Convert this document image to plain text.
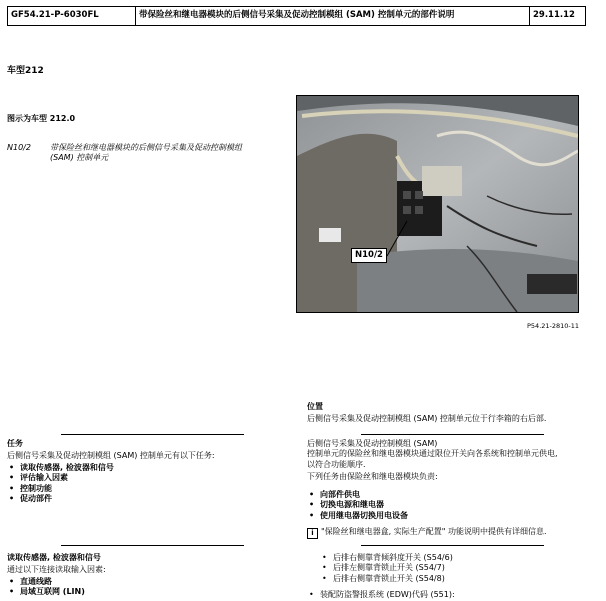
GF54.21-P-6030FL	带保险丝和继电器模块的后侧信号采集及促动控制模组 (SAM) 控制单元的部件说明	29.11.12
车型212
图示为车型 212.0
N10/2	带保险丝和继电器模块的后侧信号采集及促动控制模组
(SAM) 控制单元
N10/2
P54.21-2810-11
位置
后侧信号采集及促动控制模组 (SAM) 控制单元位于行李箱的右后部.
任务
后侧信号采集及促动控制模组 (SAM) 控制单元有以下任务:
• 读取传感器, 检波器和信号
• 评估输入因素
• 控制功能
• 促动部件
后侧信号采集及促动控制模组 (SAM)
控制单元的保险丝和继电器模块通过限位开关向各系统和控制单元供电,
以符合功能顺序.
下列任务由保险丝和继电器模块负责:
• 向部件供电
• 切换电源和继电器
• 使用继电器切换用电设备
i "保险丝和继电器盒, 实际生产配置" 功能说明中提供有详细信息.
读取传感器, 检波器和信号
通过以下连接读取输入因素:
• 直通线路
• 局域互联网 (LIN)
• 后排右侧靠背倾斜度开关 (S54/6)
• 后排左侧靠背锁止开关 (S54/7)
• 后排右侧靠背锁止开关 (S54/8)
• 装配防盗警报系统 (EDW)代码 (551):
